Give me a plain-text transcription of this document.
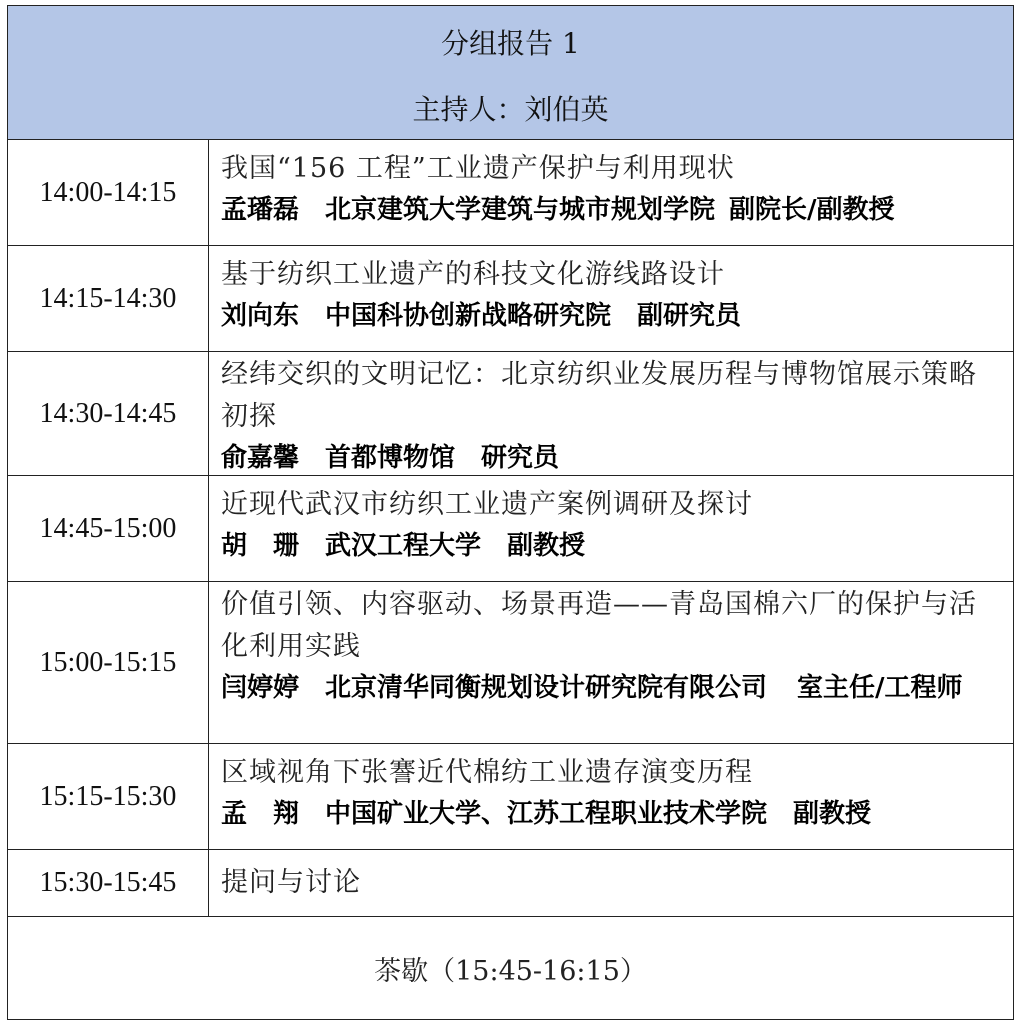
分组报告 1
主持人：刘伯英
14:00-14:15
我国“156 工程”工业遗产保护与利用现状
孟璠磊 北京建筑大学建筑与城市规划学院 副院长/副教授
14:15-14:30
基于纺织工业遗产的科技文化游线路设计
刘向东 中国科协创新战略研究院 副研究员
14:30-14:45
经纬交织的文明记忆：北京纺织业发展历程与博物馆展示策略初探
俞嘉馨 首都博物馆 研究员
14:45-15:00
近现代武汉市纺织工业遗产案例调研及探讨
胡　珊 武汉工程大学 副教授
15:00-15:15
价值引领、内容驱动、场景再造——青岛国棉六厂的保护与活化利用实践
闫婷婷 北京清华同衡规划设计研究院有限公司 室主任/工程师
15:15-15:30
区域视角下张謇近代棉纺工业遗存演变历程
孟　翔 中国矿业大学、江苏工程职业技术学院 副教授
15:30-15:45	提问与讨论
茶歇（15:45-16:15）
